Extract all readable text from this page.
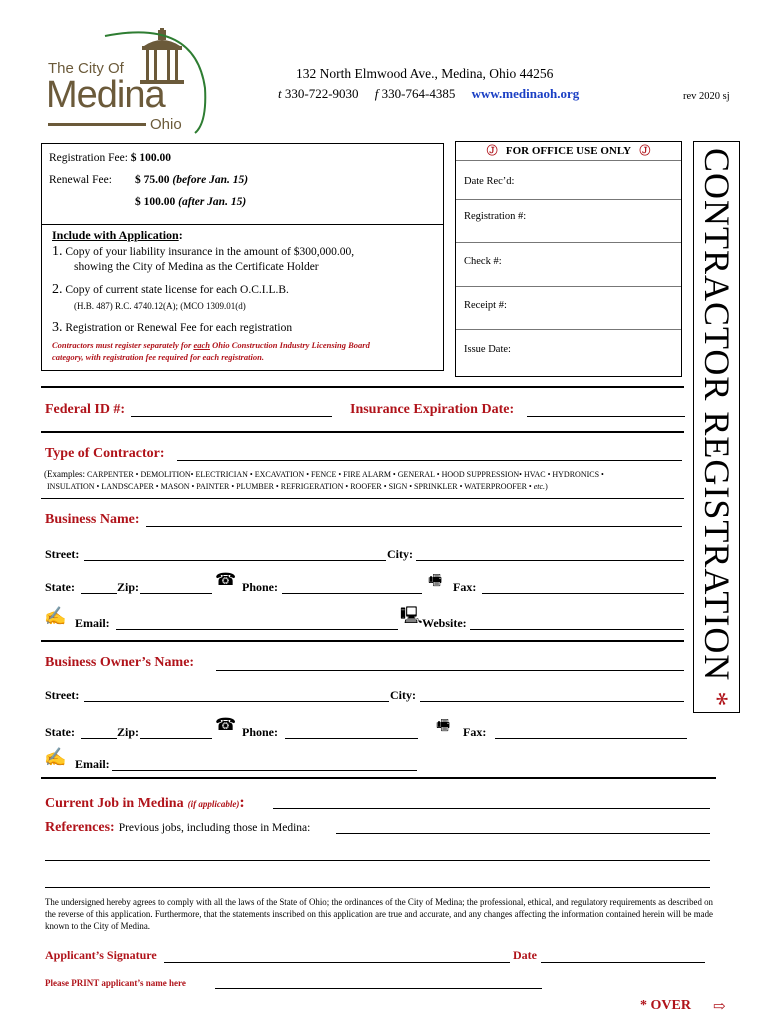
The City Of
Medina
Ohio
132 North Elmwood Ave., Medina, Ohio 44256
t 330-722-9030 f 330-764-4385 www.medinaoh.org	rev 2020 sj
Registration Fee: $ 100.00
Renewal Fee: $ 75.00 (before Jan. 15)
$ 100.00 (after Jan. 15)
Include with Application:
1. Copy of your liability insurance in the amount of $300,000.00,
showing the City of Medina as the Certificate Holder
2. Copy of current state license for each O.C.I.L.B.
(H.B. 487) R.C. 4740.12(A); (MCO 1309.01(d)
3. Registration or Renewal Fee for each registration
Contractors must register separately for each Ohio Construction Industry Licensing Board
category, with registration fee required for each registration.
Ⓙ FOR OFFICE USE ONLY Ⓙ
Date Rec’d:
Registration #:
Check #:
Receipt #:
Issue Date:	CONTRACTOR REGISTRATION *
Federal ID #:	Insurance Expiration Date:
Type of Contractor:
(Examples: CARPENTER • DEMOLITION• ELECTRICIAN • EXCAVATION • FENCE • FIRE ALARM • GENERAL • HOOD SUPPRESSION• HVAC • HYDRONICS •
INSULATION • LANDSCAPER • MASON • PAINTER • PLUMBER • REFRIGERATION • ROOFER • SIGN • SPRINKLER • WATERPROOFER • etc.)
Business Name:
Street:	City:
State:	Zip:	☎ Phone:	🖷 Fax:
✍ Email:	🖳 Website:
Business Owner’s Name:
Street:	City:
State:	Zip:	☎ Phone:	🖷 Fax:
✍ Email:
Current Job in Medina (if applicable):
References: Previous jobs, including those in Medina:
The undersigned hereby agrees to comply with all the laws of the State of Ohio; the ordinances of the City of Medina; the professional, ethical, and regulatory requirements as described on the reverse of this application. Furthermore, that the statements inscribed on this application are true and accurate, and any changes affecting the information contained herein will be made known to the City of Medina.
Applicant’s Signature	Date
Please PRINT applicant’s name here
* OVER ⇨
